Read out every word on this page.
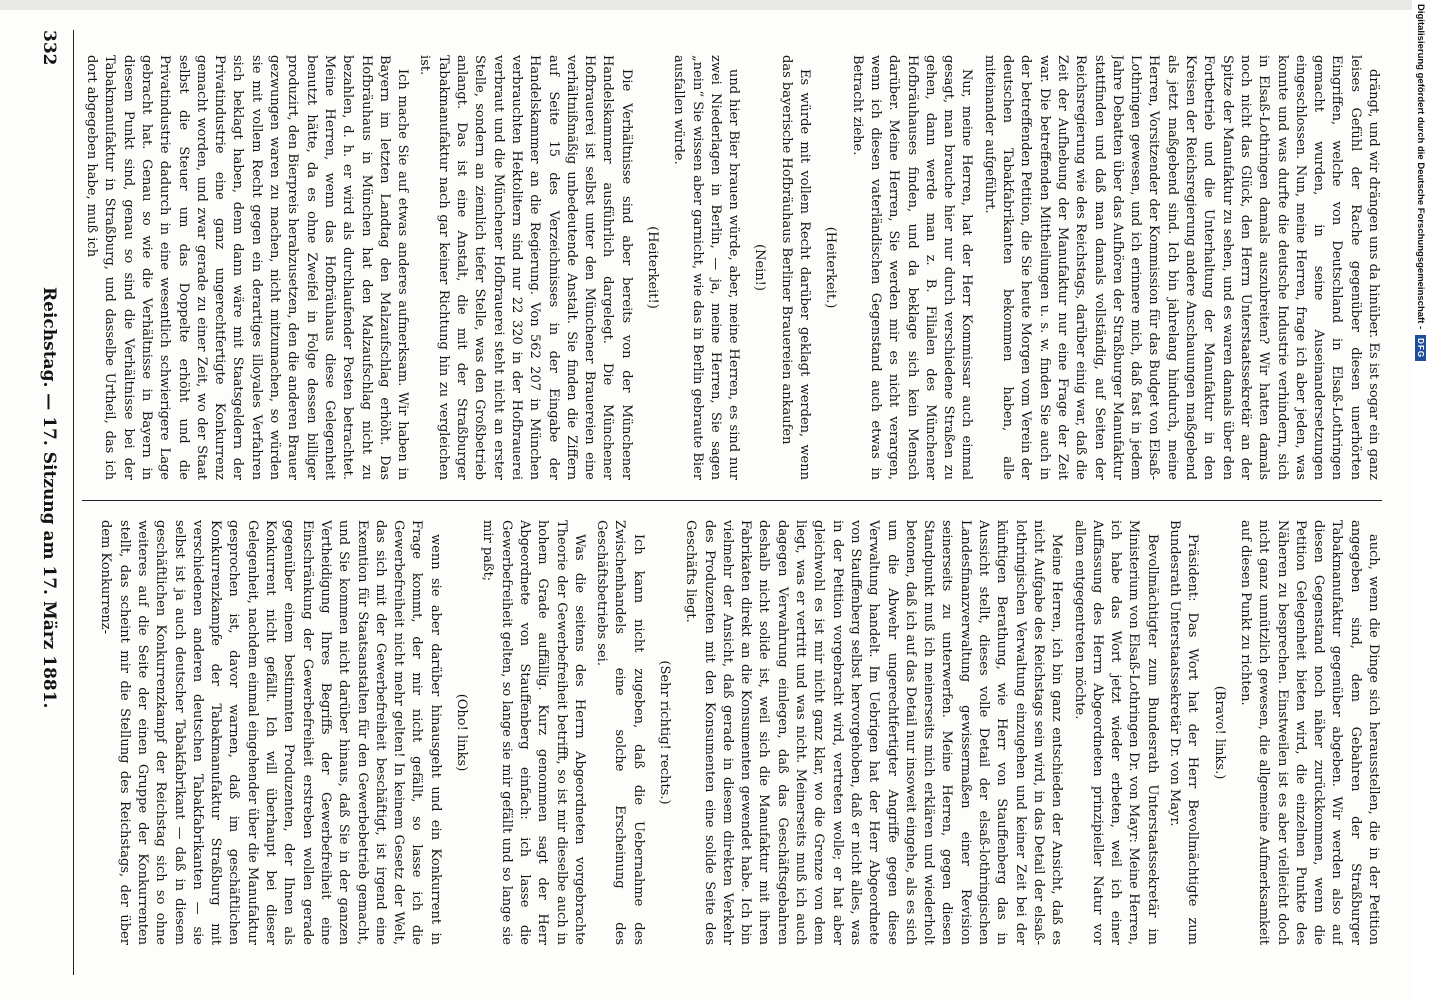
332
Reichstag. — 17. Sitzung am 17. März 1881.

drängt, und wir drängen uns da hinüber. Es ist sogar ein ganz leises Gefühl der Rache gegenüber diesen unerhörten Eingriffen, welche von Deutschland in Elsaß-Lothringen gemacht wurden, in seine Auseinandersetzungen eingeschlossen. Nun, meine Herren, frage ich aber jeden, was konnte und was durfte die deutsche Industrie verhindern, sich in Elsaß-Lothringen damals auszubreiten? Wir hatten damals noch nicht das Glück, den Herrn Unterstaatssekretär an der Spitze der Manufaktur zu sehen, und es waren damals über den Fortbetrieb und die Unterhaltung der Manufaktur in den Kreisen der Reichsregierung andere Anschauungen maßgebend als jetzt maßgebend sind. Ich bin jahrelang hindurch, meine Herren, Vorsitzender der Kommission für das Budget von Elsaß-Lothringen gewesen, und ich erinnere mich, daß fast in jedem Jahre Debatten über das Aufhören der Straßburger Manufaktur stattfinden und daß man damals vollständig, auf Seiten der Reichsregierung wie des Reichstags, darüber einig war, daß die Zeit der Aufhebung der Manufaktur nur eine Frage der Zeit war. Die betreffenden Mittheilungen u. s. w. finden Sie auch in der betreffenden Petition, die Sie heute Morgen vom Verein der deutschen Tabakfabrikanten bekommen haben, alle miteinander aufgeführt.

Nur, meine Herren, hat der Herr Kommissar auch einmal gesagt, man brauche hier nur durch verschiedene Straßen zu gehen, dann werde man z. B. Filialen des Münchener Hofbräuhauses finden, und da beklage sich kein Mensch darüber. Meine Herren, Sie werden mir es nicht verargen, wenn ich diesen vaterländischen Gegenstand auch etwas in Betracht ziehe.

(Heiterkeit.)

Es würde mit vollem Recht darüber geklagt werden, wenn das bayerische Hofbräuhaus Berliner Brauereien ankaufen

(Nein!)

und hier Bier brauen würde, aber, meine Herren, es sind nur zwei Niederlagen in Berlin, — ja, meine Herren, Sie sagen „nein“ Sie wissen aber garnicht, wie das in Berlin gebraute Bier ausfallen würde.

(Heiterkeit!)

Die Verhältnisse sind aber bereits von der Münchener Handelskammer ausführlich dargelegt. Die Münchener Hofbrauerei ist selbst unter den Münchener Brauereien eine verhältnißmäßig unbedeutende Anstalt. Sie finden die Ziffern auf Seite 15 des Verzeichnisses in der Eingabe der Handelskammer an die Regierung. Von 562 207 in München verbrauchten Hektolitern sind nur 22 320 in der Hofbrauerei verbraut und die Münchener Hofbrauerei steht nicht an erster Stelle, sondern an ziemlich tiefer Stelle, was den Großbetrieb anlangt. Das ist eine Anstalt, die mit der Straßburger Tabakmanufaktur nach gar keiner Richtung hin zu vergleichen ist.

Ich mache Sie auf etwas anderes aufmerksam. Wir haben in Bayern im letzten Landtag den Malzaufschlag erhöht. Das Hofbräuhaus in München hat den Malzaufschlag nicht zu bezahlen, d. h. er wird als durchlaufender Posten betrachtet. Meine Herren, wenn das Hofbräuhaus diese Gelegenheit benutzt hätte, da es ohne Zweifel in Folge dessen billiger produzirt, den Bierpreis herabzusetzen, den die anderen Brauer gezwungen waren zu machen, nicht mitzumachen, so würden sie mit vollem Recht gegen ein derartiges illoyales Verfahren sich beklagt haben, denn dann wäre mit Staatsgeldern der Privatindustrie eine ganz ungerechtfertigte Konkurrenz gemacht worden, und zwar gerade zu einer Zeit, wo der Staat selbst die Steuer um das Doppelte erhöht und die Privatindustrie dadurch in eine wesentlich schwierigere Lage gebracht hat. Genau so wie die Verhältnisse in Bayern in diesem Punkt sind, genau so sind die Verhältnisse bei der Tabakmanufaktur in Straßburg, und dasselbe Urtheil, das ich dort abgegeben habe, muß ich

auch, wenn die Dinge sich herausstellen, die in der Petition angegeben sind, dem Gebahren der Straßburger Tabakmanufaktur gegenüber abgeben. Wir werden also auf diesen Gegenstand noch näher zurückkommen, wenn die Petition Gelegenheit bieten wird, die einzelnen Punkte des Näheren zu besprechen. Einstweilen ist es aber vielleicht doch nicht ganz unnützlich gewesen, die allgemeine Aufmerksamkeit auf diesen Punkt zu richten.

(Bravo! links.)

Präsident: Das Wort hat der Herr Bevollmächtigte zum Bundesrath Unterstaatssekretär Dr. von Mayr.

Bevollmächtigter zum Bundesrath Unterstaatssekretär im Ministerium von Elsaß-Lothringen Dr. von Mayr: Meine Herren, ich habe das Wort jetzt wieder erbeten, weil ich einer Auffassung des Herrn Abgeordneten prinzipieller Natur vor allem entgegentreten möchte.

Meine Herren, ich bin ganz entschieden der Ansicht, daß es nicht Aufgabe des Reichstags sein wird, in das Detail der elsaß-lothringischen Verwaltung einzugehen und keiner Zeit bei der künftigen Berathung, wie Herr von Stauffenberg das in Aussicht stellt, dieses volle Detail der elsaß-lothringischen Landesfinanzverwaltung gewissermaßen einer Revision seinerseits zu unterwerfen. Meine Herren, gegen diesen Standpunkt muß ich meinerseits mich erklären und wiederholt betonen, daß ich auf das Detail nur insoweit eingehe, als es sich um die Abwehr ungerechtfertigter Angriffe gegen diese Verwaltung handelt. Im Uebrigen hat der Herr Abgeordnete von Stauffenberg selbst hervorgehoben, daß er nicht alles, was in der Petition vorgebracht wird, vertreten wolle; er hat aber gleichwohl es ist mir nicht ganz klar, wo die Grenze von dem liegt, was er vertritt und was nicht. Meinerseits muß ich auch dagegen Verwahrung einlegen, daß das Geschäftsgebahren deshalb nicht solide ist, weil sich die Manufaktur mit ihren Fabrikaten direkt an die Konsumenten gewendet habe. Ich bin vielmehr der Ansicht, daß gerade in diesem direkten Verkehr des Produzenten mit den Konsumenten eine solide Seite des Geschäfts liegt.

(Sehr richtig! rechts.)

Ich kann nicht zugeben, daß die Uebernahme des Zwischenhandels eine solche Erscheinung des Geschäftsbetriebs sei.

Was die seitens des Herrn Abgeordneten vorgebrachte Theorie der Gewerbefreiheit betrifft, so ist mir dieselbe auch in hohem Grade auffällig. Kurz genommen sagt der Herr Abgeordnete von Stauffenberg einfach: ich lasse die Gewerbefreiheit gelten, so lange sie mir gefällt und so lange sie mir paßt;

(Oho! links)

wenn sie aber darüber hinausgeht und ein Konkurrent in Frage kommt, der mir nicht gefällt, so lasse ich die Gewerbefreiheit nicht mehr gelten! In keinem Gesetz der Welt, das sich mit der Gewerbefreiheit beschäftigt, ist irgend eine Exemtion für Staatsanstalten für den Gewerbebetrieb gemacht, und Sie kommen nicht darüber hinaus, daß Sie in der ganzen Vertheidigung Ihres Begriffs der Gewerbefreiheit eine Einschränkung der Gewerbefreiheit erstreben wollen gerade gegenüber einem bestimmten Produzenten, der Ihnen als Konkurrent nicht gefällt. Ich will überhaupt bei dieser Gelegenheit, nachdem einmal eingehender über die Manufaktur gesprochen ist, davor warnen, daß im geschäftlichen Konkurrenzkampfe der Tabakmanufaktur Straßburg mit verschiedenen anderen deutschen Tabakfabrikanten — sie selbst ist ja auch deutscher Tabakfabrikant — daß in diesem geschäftlichen Konkurrenzkampf der Reichstag sich so ohne weiteres auf die Seite der einen Gruppe der Konkurrenten stellt, das scheint mir die Stellung des Reichstags, der über dem Konkurrenz-

Digitalisierung gefördert durch die Deutsche Forschungsgemeinschaft -
DFG
